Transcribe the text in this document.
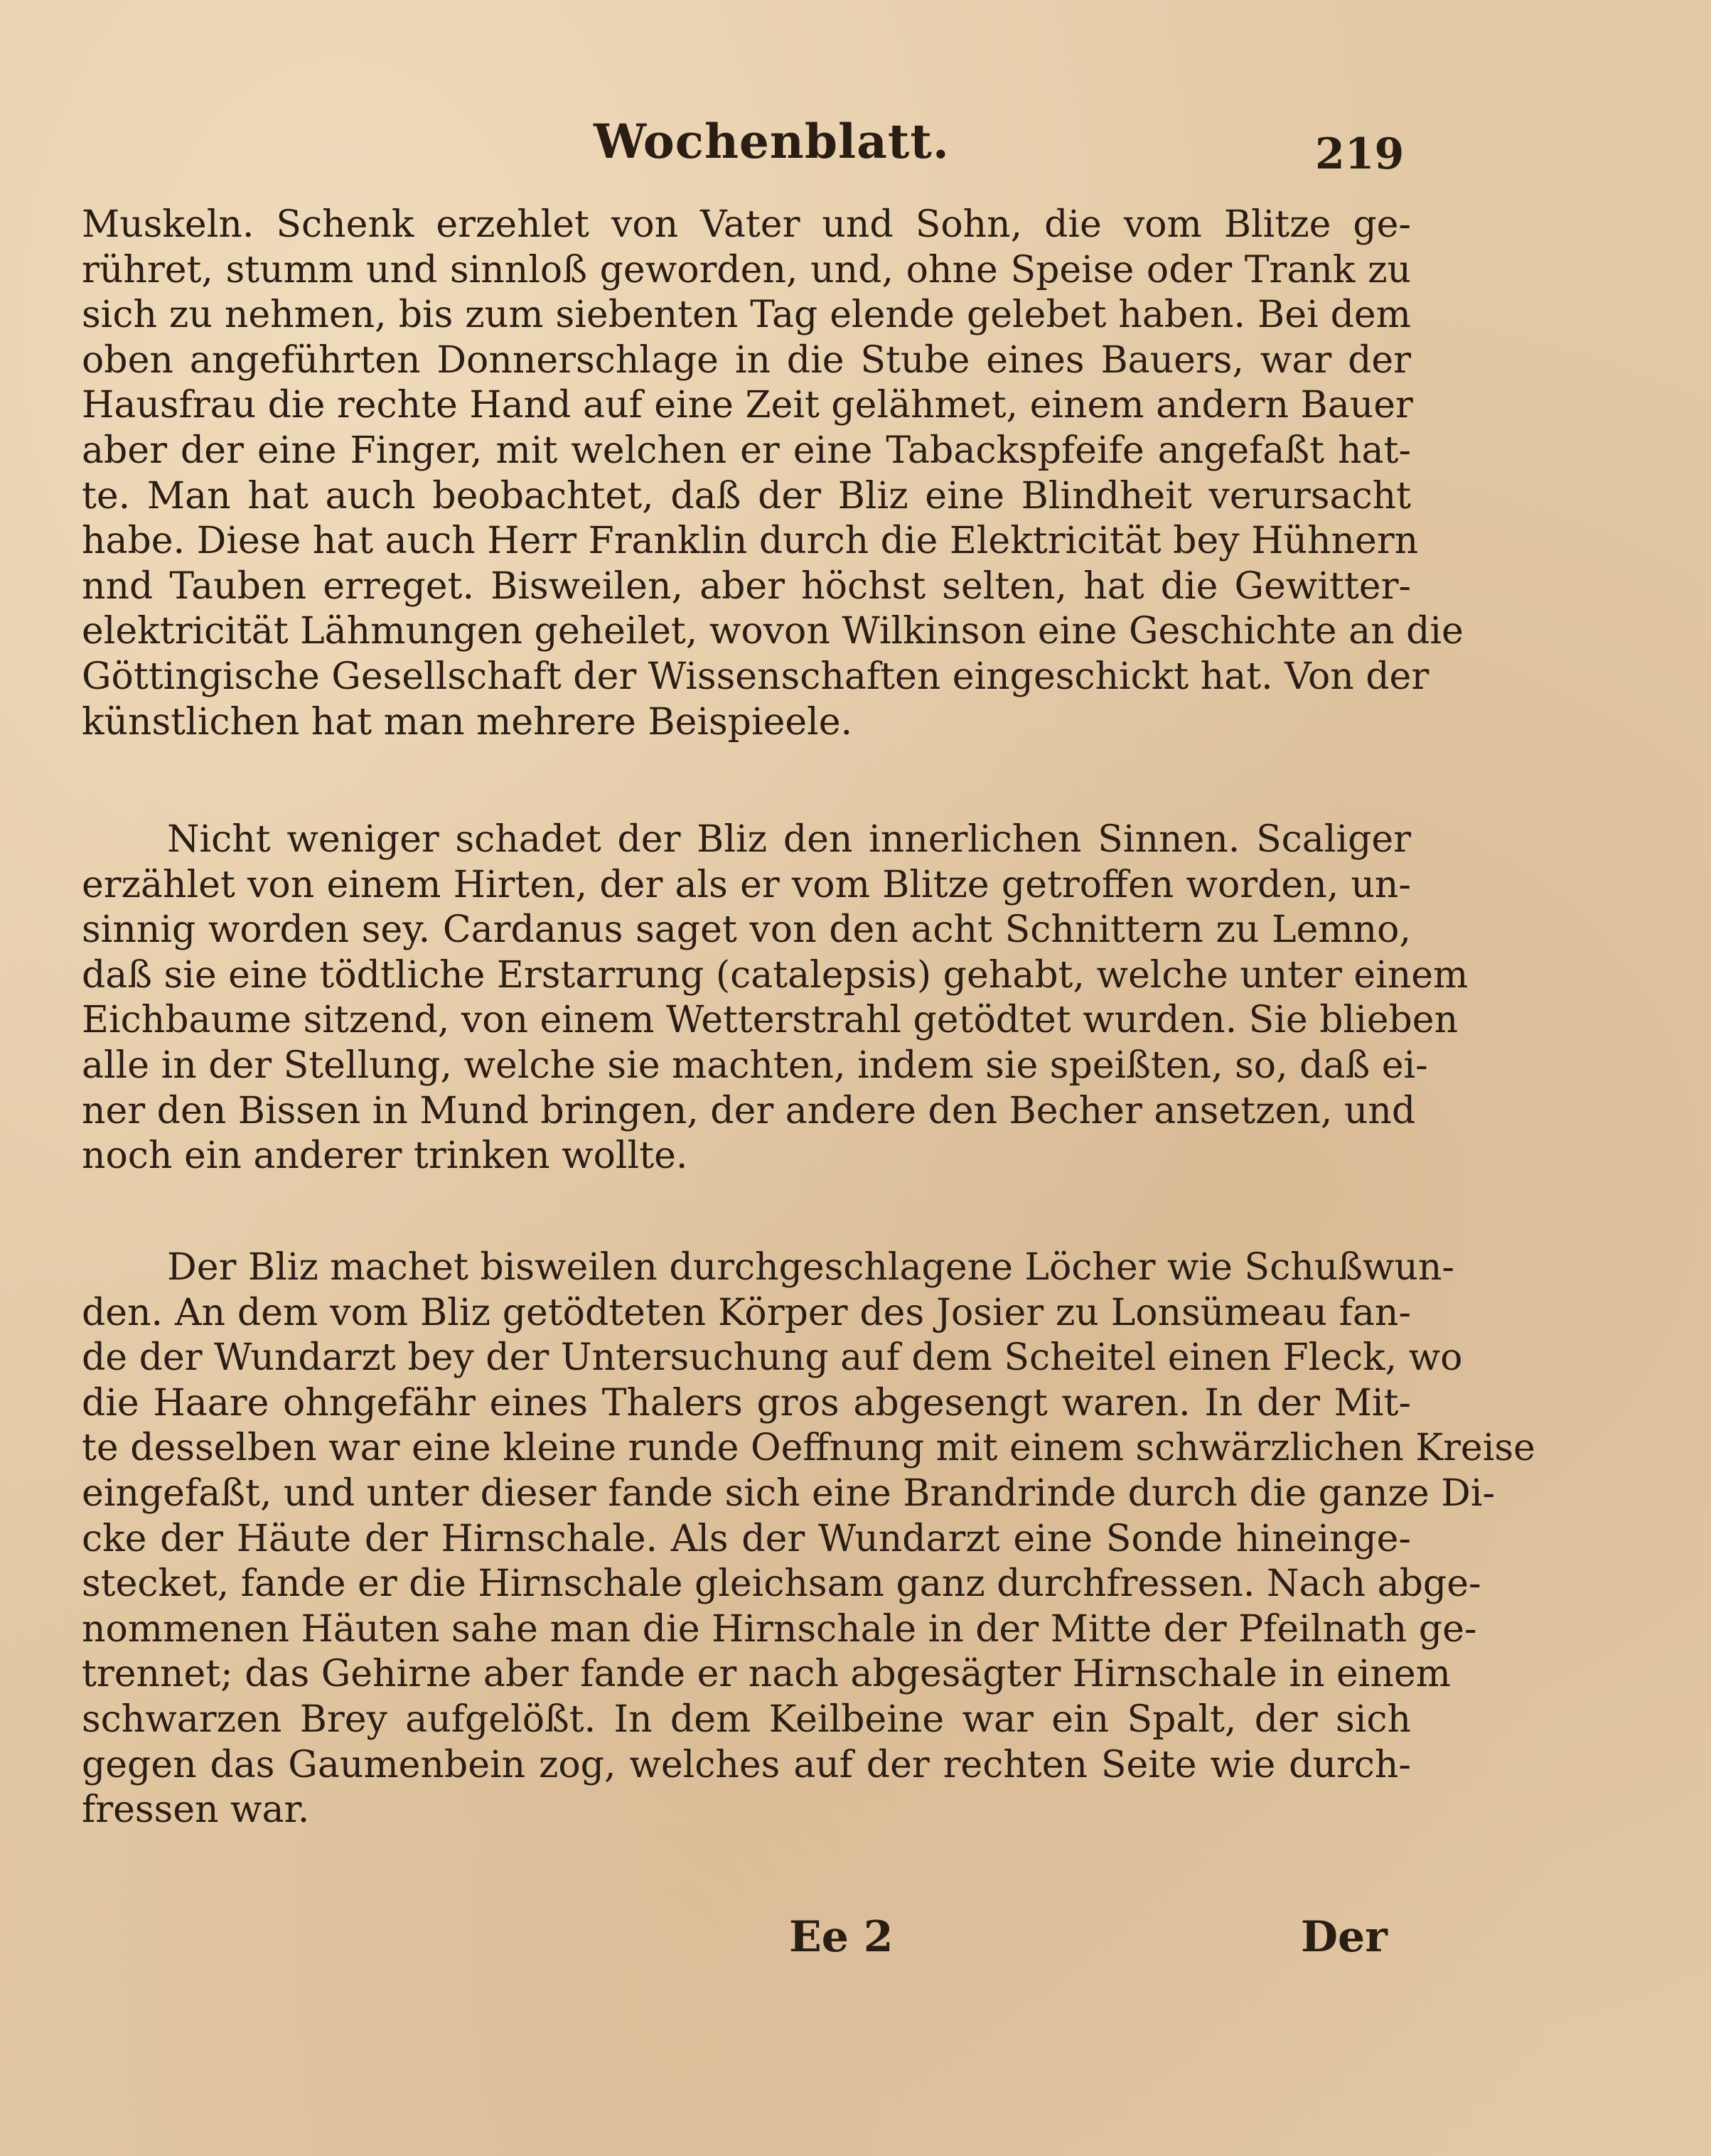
Wochenblatt.	219
Muskeln. Schenk erzehlet von Vater und Sohn, die vom Blitze ge-
rühret, stumm und sinnloß geworden, und, ohne Speise oder Trank zu
sich zu nehmen, bis zum siebenten Tag elende gelebet haben. Bei dem
oben angeführten Donnerschlage in die Stube eines Bauers, war der
Hausfrau die rechte Hand auf eine Zeit gelähmet, einem andern Bauer
aber der eine Finger, mit welchen er eine Tabackspfeife angefaßt hat-
te. Man hat auch beobachtet, daß der Bliz eine Blindheit verursacht
habe. Diese hat auch Herr Franklin durch die Elektricität bey Hühnern
nnd Tauben erreget. Bisweilen, aber höchst selten, hat die Gewitter-
elektricität Lähmungen geheilet, wovon Wilkinson eine Geschichte an die
Göttingische Gesellschaft der Wissenschaften eingeschickt hat. Von der
künstlichen hat man mehrere Beispieele.
Nicht weniger schadet der Bliz den innerlichen Sinnen. Scaliger
erzählet von einem Hirten, der als er vom Blitze getroffen worden, un-
sinnig worden sey. Cardanus saget von den acht Schnittern zu Lemno,
daß sie eine tödtliche Erstarrung (catalepsis) gehabt, welche unter einem
Eichbaume sitzend, von einem Wetterstrahl getödtet wurden. Sie blieben
alle in der Stellung, welche sie machten, indem sie speißten, so, daß ei-
ner den Bissen in Mund bringen, der andere den Becher ansetzen, und
noch ein anderer trinken wollte.
Der Bliz machet bisweilen durchgeschlagene Löcher wie Schußwun-
den. An dem vom Bliz getödteten Körper des Josier zu Lonsümeau fan-
de der Wundarzt bey der Untersuchung auf dem Scheitel einen Fleck, wo
die Haare ohngefähr eines Thalers gros abgesengt waren. In der Mit-
te desselben war eine kleine runde Oeffnung mit einem schwärzlichen Kreise
eingefaßt, und unter dieser fande sich eine Brandrinde durch die ganze Di-
cke der Häute der Hirnschale. Als der Wundarzt eine Sonde hineinge-
stecket, fande er die Hirnschale gleichsam ganz durchfressen. Nach abge-
nommenen Häuten sahe man die Hirnschale in der Mitte der Pfeilnath ge-
trennet; das Gehirne aber fande er nach abgesägter Hirnschale in einem
schwarzen Brey aufgelößt. In dem Keilbeine war ein Spalt, der sich
gegen das Gaumenbein zog, welches auf der rechten Seite wie durch-
fressen war.
Ee 2	Der
